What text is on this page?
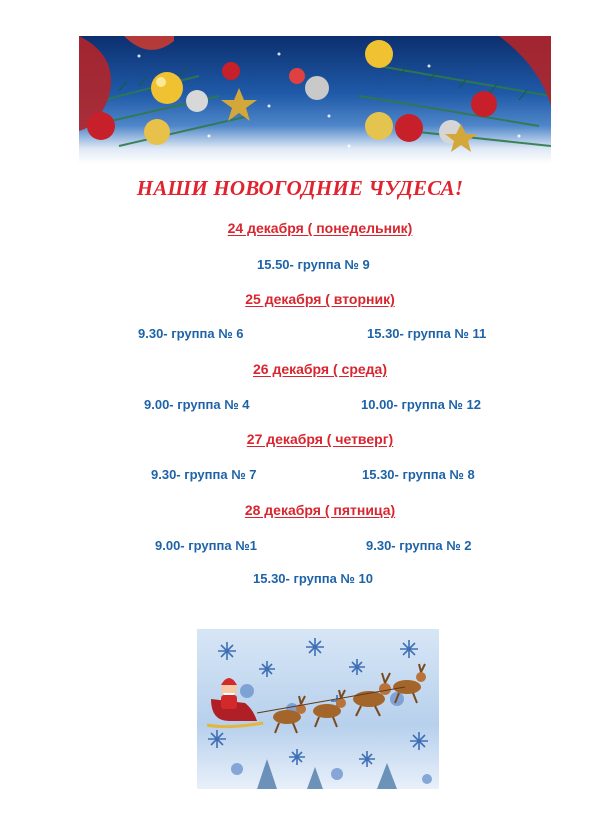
НАШИ НОВОГОДНИЕ ЧУДЕСА!
24 декабря ( понедельник)
15.50- группа № 9
25 декабря ( вторник)
9.30- группа № 6	15.30- группа № 11
26 декабря ( среда)
9.00- группа № 4	10.00- группа № 12
27 декабря ( четверг)
9.30- группа № 7	15.30- группа № 8
28 декабря ( пятница)
9.00- группа №1	9.30- группа № 2
15.30- группа № 10
